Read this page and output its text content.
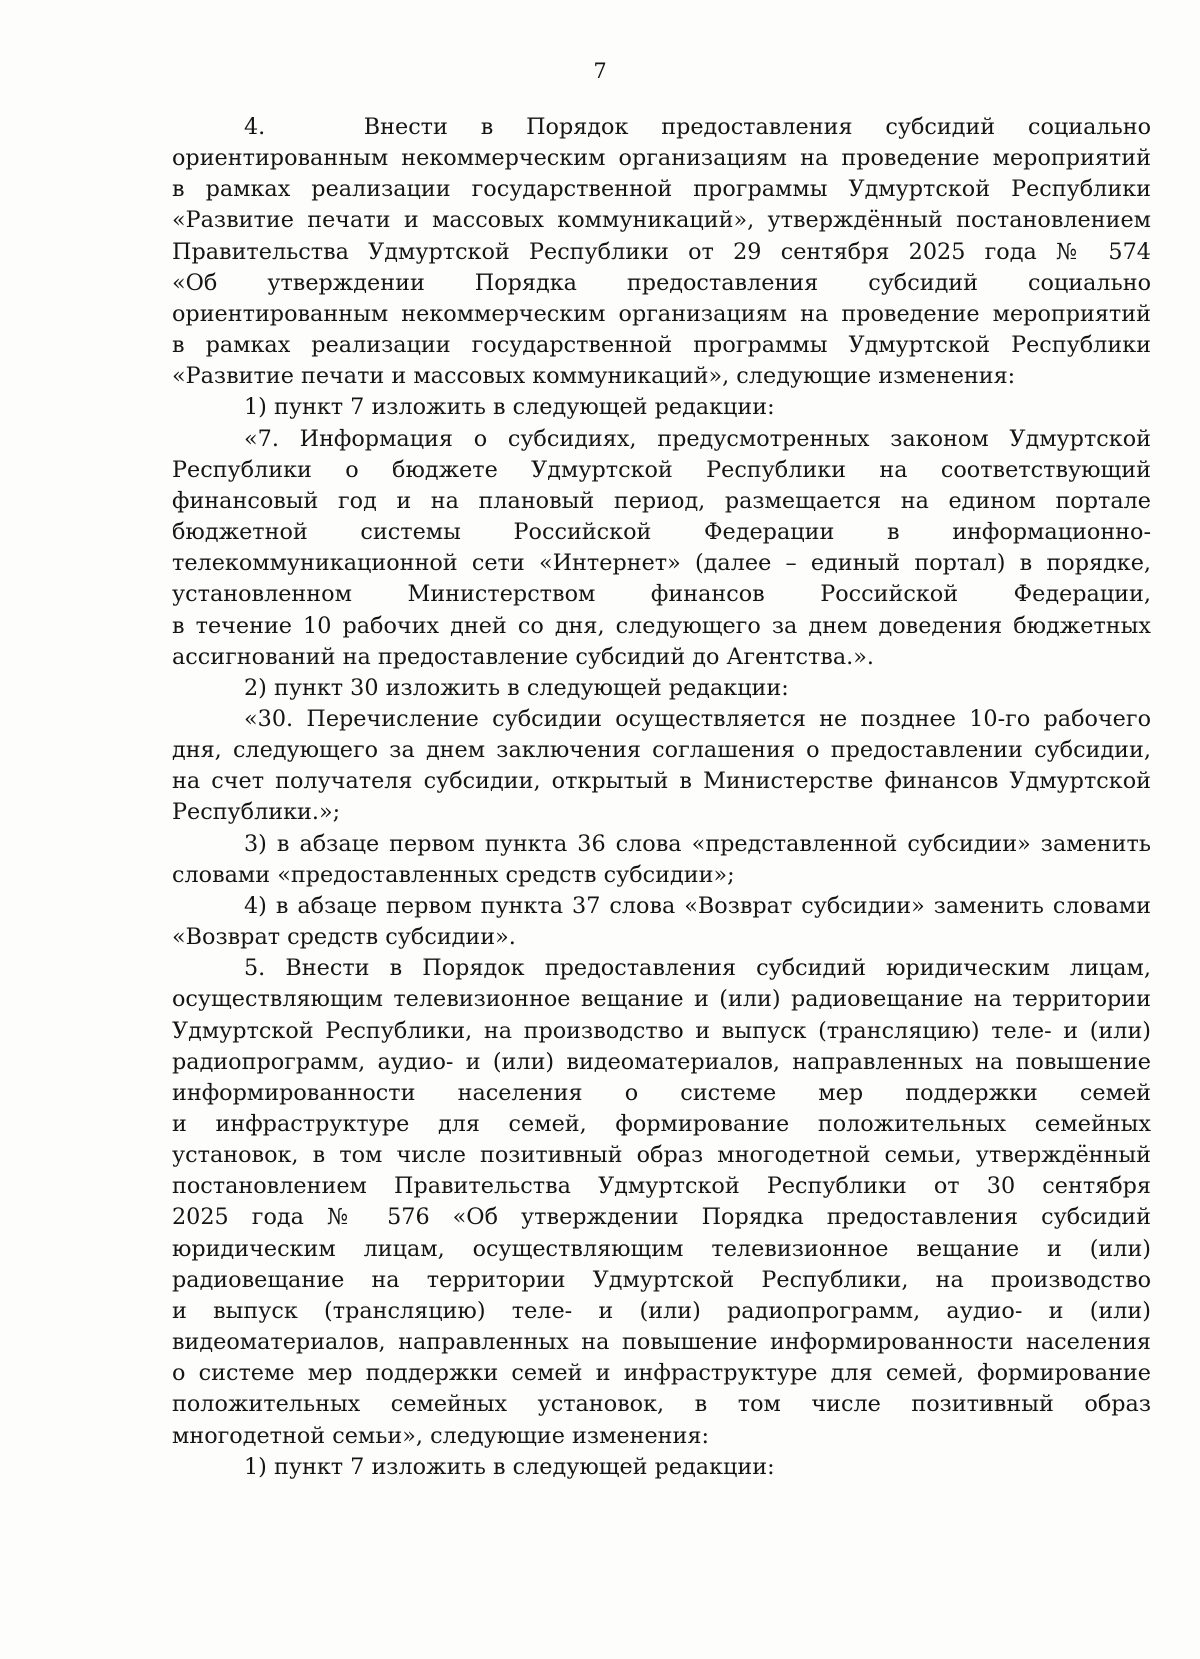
7

4.   Внести в Порядок предоставления субсидий социально
ориентированным некоммерческим организациям на проведение мероприятий
в рамках реализации государственной программы Удмуртской Республики
«Развитие печати и массовых коммуникаций», утверждённый постановлением
Правительства Удмуртской Республики от 29 сентября 2025 года № 574
«Об утверждении Порядка предоставления субсидий социально
ориентированным некоммерческим организациям на проведение мероприятий
в рамках реализации государственной программы Удмуртской Республики
«Развитие печати и массовых коммуникаций», следующие изменения:

1) пункт 7 изложить в следующей редакции:

«7. Информация о субсидиях, предусмотренных законом Удмуртской
Республики о бюджете Удмуртской Республики на соответствующий
финансовый год и на плановый период, размещается на едином портале
бюджетной системы Российской Федерации в информационно-
телекоммуникационной сети «Интернет» (далее – единый портал) в порядке,
установленном Министерством финансов Российской Федерации,
в течение 10 рабочих дней со дня, следующего за днем доведения бюджетных
ассигнований на предоставление субсидий до Агентства.».

2) пункт 30 изложить в следующей редакции:

«30. Перечисление субсидии осуществляется не позднее 10-го рабочего
дня, следующего за днем заключения соглашения о предоставлении субсидии,
на счет получателя субсидии, открытый в Министерстве финансов Удмуртской
Республики.»;

3) в абзаце первом пункта 36 слова «представленной субсидии» заменить
словами «предоставленных средств субсидии»;

4) в абзаце первом пункта 37 слова «Возврат субсидии» заменить словами
«Возврат средств субсидии».

5. Внести в Порядок предоставления субсидий юридическим лицам,
осуществляющим телевизионное вещание и (или) радиовещание на территории
Удмуртской Республики, на производство и выпуск (трансляцию) теле- и (или)
радиопрограмм, аудио- и (или) видеоматериалов, направленных на повышение
информированности населения о системе мер поддержки семей
и инфраструктуре для семей, формирование положительных семейных
установок, в том числе позитивный образ многодетной семьи, утверждённый
постановлением Правительства Удмуртской Республики от 30 сентября
2025 года № 576 «Об утверждении Порядка предоставления субсидий
юридическим лицам, осуществляющим телевизионное вещание и (или)
радиовещание на территории Удмуртской Республики, на производство
и выпуск (трансляцию) теле- и (или) радиопрограмм, аудио- и (или)
видеоматериалов, направленных на повышение информированности населения
о системе мер поддержки семей и инфраструктуре для семей, формирование
положительных семейных установок, в том числе позитивный образ
многодетной семьи», следующие изменения:

1) пункт 7 изложить в следующей редакции:
